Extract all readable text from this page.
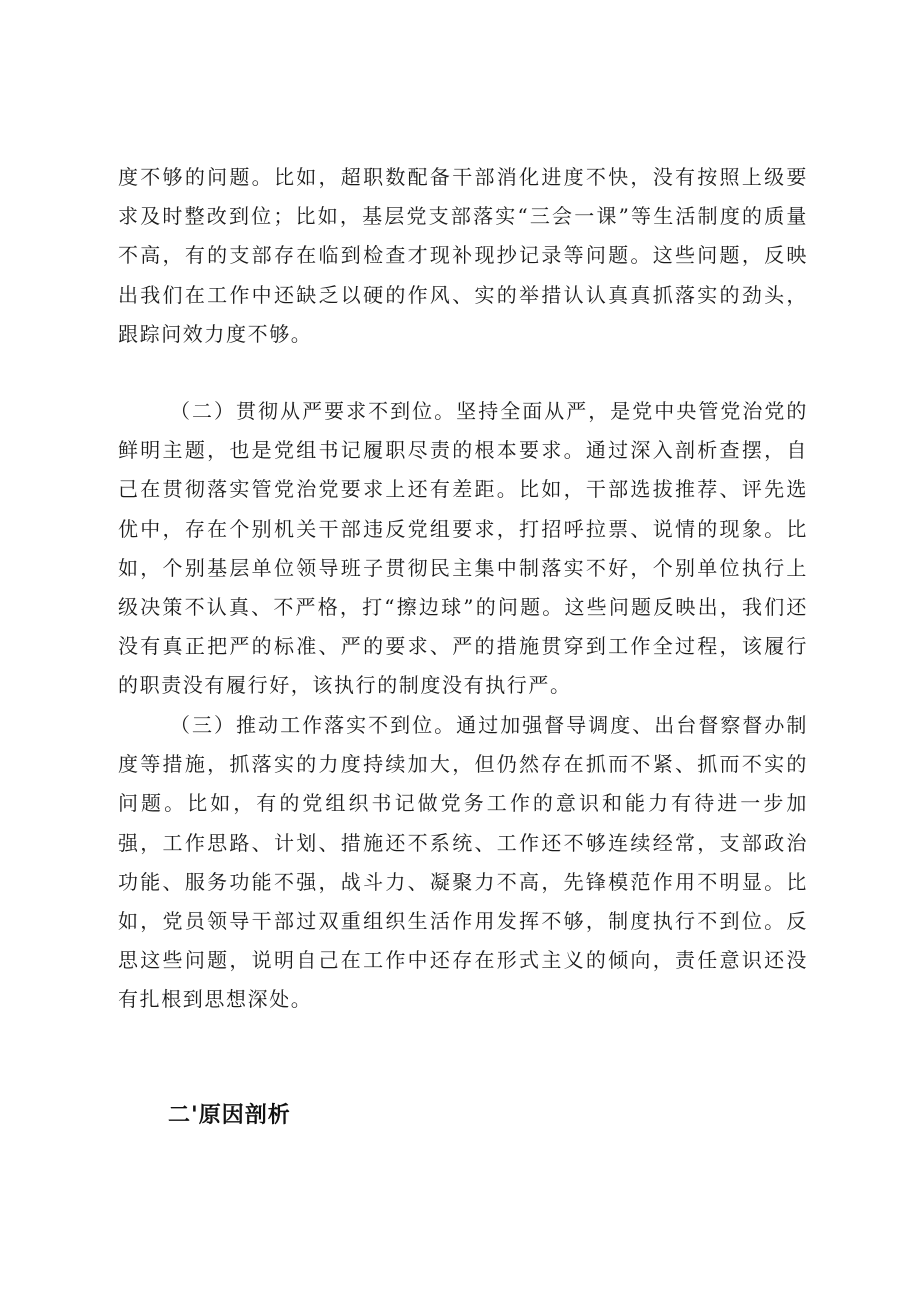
度不够的问题。比如，超职数配备干部消化进度不快，没有按照上级要求及时整改到位；比如，基层党支部落实“三会一课”等生活制度的质量不高，有的支部存在临到检查才现补现抄记录等问题。这些问题，反映出我们在工作中还缺乏以硬的作风、实的举措认认真真抓落实的劲头，跟踪问效力度不够。

（二）贯彻从严要求不到位。坚持全面从严，是党中央管党治党的鲜明主题，也是党组书记履职尽责的根本要求。通过深入剖析查摆，自己在贯彻落实管党治党要求上还有差距。比如，干部选拔推荐、评先选优中，存在个别机关干部违反党组要求，打招呼拉票、说情的现象。比如，个别基层单位领导班子贯彻民主集中制落实不好，个别单位执行上级决策不认真、不严格，打“擦边球”的问题。这些问题反映出，我们还没有真正把严的标准、严的要求、严的措施贯穿到工作全过程，该履行的职责没有履行好，该执行的制度没有执行严。

（三）推动工作落实不到位。通过加强督导调度、出台督察督办制度等措施，抓落实的力度持续加大，但仍然存在抓而不紧、抓而不实的问题。比如，有的党组织书记做党务工作的意识和能力有待进一步加强，工作思路、计划、措施还不系统、工作还不够连续经常，支部政治功能、服务功能不强，战斗力、凝聚力不高，先锋模范作用不明显。比如，党员领导干部过双重组织生活作用发挥不够，制度执行不到位。反思这些问题，说明自己在工作中还存在形式主义的倾向，责任意识还没有扎根到思想深处。

二'原因剖析
